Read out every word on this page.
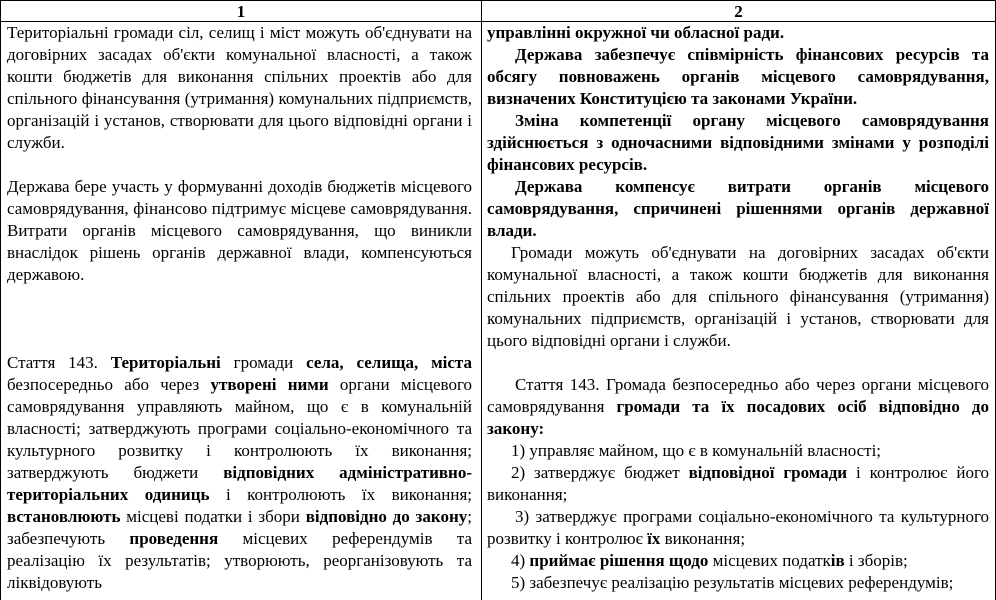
1	2

Територіальні громади сіл, селищ і міст можуть об'єднувати на договірних засадах об'єкти комунальної власності, а також кошти бюджетів для виконання спільних проектів або для спільного фінансування (утримання) комунальних підприємств, організацій і установ, створювати для цього відповідні органи і служби.

Держава бере участь у формуванні доходів бюджетів місцевого самоврядування, фінансово підтримує місцеве самоврядування. Витрати органів місцевого самоврядування, що виникли внаслідок рішень органів державної влади, компенсуються державою.

Стаття 143. Територіальні громади села, селища, міста безпосередньо або через утворені ними органи місцевого самоврядування управляють майном, що є в комунальній власності; затверджують програми соціально-економічного та культурного розвитку і контролюють їх виконання; затверджують бюджети відповідних адміністративно-територіальних одиниць і контролюють їх виконання; встановлюють місцеві податки і збори відповідно до закону; забезпечують проведення місцевих референдумів та реалізацію їх результатів; утворюють, реорганізовують та ліквідовують

управлінні окружної чи обласної ради.

Держава забезпечує співмірність фінансових ресурсів та обсягу повноважень органів місцевого самоврядування, визначених Конституцією та законами України.

Зміна компетенції органу місцевого самоврядування здійснюється з одночасними відповідними змінами у розподілі фінансових ресурсів.

Держава компенсує витрати органів місцевого самоврядування, спричинені рішеннями органів державної влади.

Громади можуть об'єднувати на договірних засадах об'єкти комунальної власності, а також кошти бюджетів для виконання спільних проектів або для спільного фінансування (утримання) комунальних підприємств, організацій і установ, створювати для цього відповідні органи і служби.

Стаття 143. Громада безпосередньо або через органи місцевого самоврядування громади та їх посадових осіб відповідно до закону:

1) управляє майном, що є в комунальній власності;

2) затверджує бюджет відповідної громади і контролює його виконання;

3) затверджує програми соціально-економічного та культурного розвитку і контролює їх виконання;

4) приймає рішення щодо місцевих податків і зборів;

5) забезпечує реалізацію результатів місцевих референдумів;
